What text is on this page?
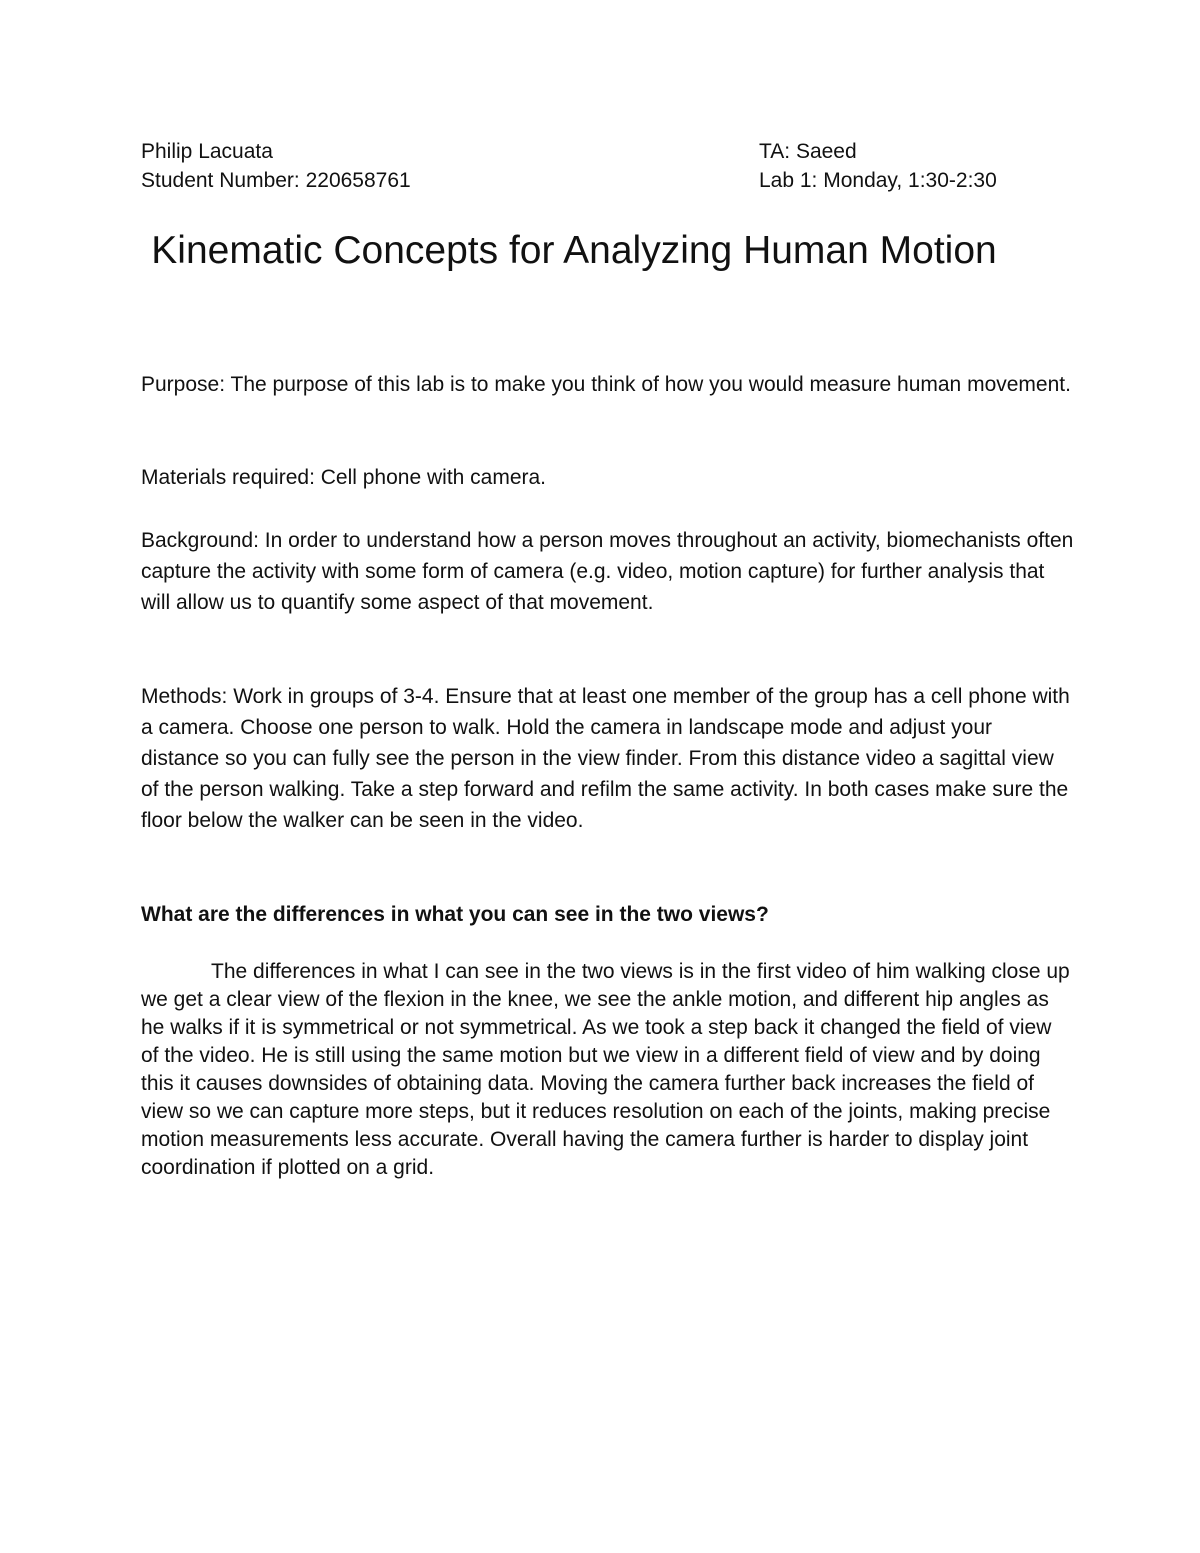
Philip Lacuata	TA: Saeed
Student Number: 220658761	Lab 1: Monday, 1:30-2:30
Kinematic Concepts for Analyzing Human Motion

Purpose: The purpose of this lab is to make you think of how you would measure human movement.

Materials required: Cell phone with camera.

Background: In order to understand how a person moves throughout an activity, biomechanists often capture the activity with some form of camera (e.g. video, motion capture) for further analysis that will allow us to quantify some aspect of that movement.

Methods: Work in groups of 3-4. Ensure that at least one member of the group has a cell phone with a camera. Choose one person to walk. Hold the camera in landscape mode and adjust your distance so you can fully see the person in the view finder. From this distance video a sagittal view of the person walking. Take a step forward and refilm the same activity. In both cases make sure the floor below the walker can be seen in the video.

What are the differences in what you can see in the two views?

The differences in what I can see in the two views is in the first video of him walking close up we get a clear view of the flexion in the knee, we see the ankle motion, and different hip angles as he walks if it is symmetrical or not symmetrical. As we took a step back it changed the field of view of the video. He is still using the same motion but we view in a different field of view and by doing this it causes downsides of obtaining data. Moving the camera further back increases the field of view so we can capture more steps, but it reduces resolution on each of the joints, making precise motion measurements less accurate. Overall having the camera further is harder to display joint coordination if plotted on a grid.
